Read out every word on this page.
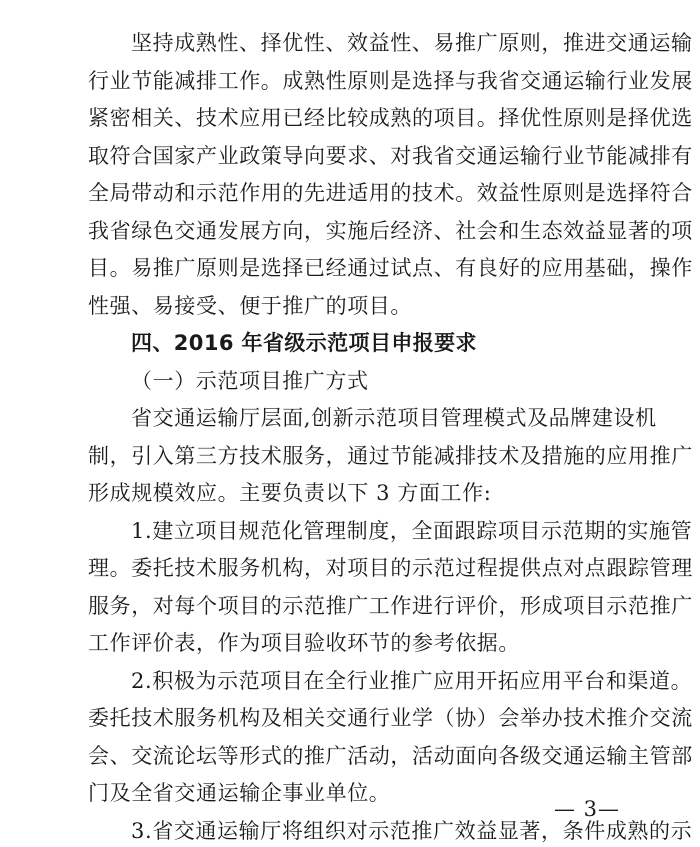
坚持成熟性、择优性、效益性、易推广原则，推进交通运输
行业节能减排工作。成熟性原则是选择与我省交通运输行业发展
紧密相关、技术应用已经比较成熟的项目。择优性原则是择优选
取符合国家产业政策导向要求、对我省交通运输行业节能减排有
全局带动和示范作用的先进适用的技术。效益性原则是选择符合
我省绿色交通发展方向，实施后经济、社会和生态效益显著的项
目。易推广原则是选择已经通过试点、有良好的应用基础，操作
性强、易接受、便于推广的项目。
四、2016 年省级示范项目申报要求
（一）示范项目推广方式
省交通运输厅层面,创新示范项目管理模式及品牌建设机
制，引入第三方技术服务，通过节能减排技术及措施的应用推广
形成规模效应。主要负责以下 3 方面工作:
1.建立项目规范化管理制度，全面跟踪项目示范期的实施管
理。委托技术服务机构，对项目的示范过程提供点对点跟踪管理
服务，对每个项目的示范推广工作进行评价，形成项目示范推广
工作评价表，作为项目验收环节的参考依据。
2.积极为示范项目在全行业推广应用开拓应用平台和渠道。
委托技术服务机构及相关交通行业学（协）会举办技术推介交流
会、交流论坛等形式的推广活动，活动面向各级交通运输主管部
门及全省交通运输企事业单位。
3.省交通运输厅将组织对示范推广效益显著，条件成熟的示
— 3—
